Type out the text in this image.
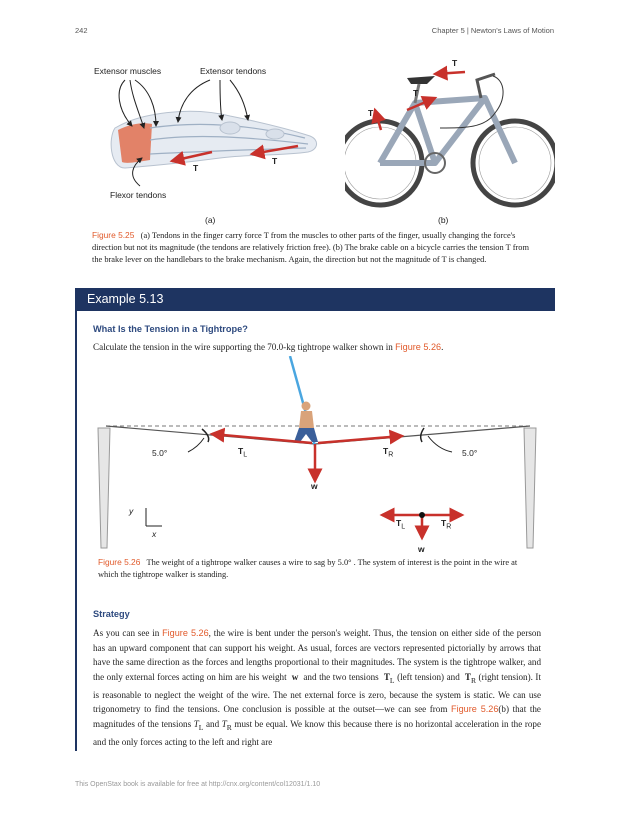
242	Chapter 5 | Newton's Laws of Motion
Extensor muscles	Extensor tendons
Flexor tendons
T
T
(a)
T
T
T
(b)
Figure 5.25 (a) Tendons in the finger carry force T from the muscles to other parts of the finger, usually changing the force's direction but not its magnitude (the tendons are relatively friction free). (b) The brake cable on a bicycle carries the tension T from the brake lever on the handlebars to the brake mechanism. Again, the direction but not the magnitude of T is changed.
Example 5.13
What Is the Tension in a Tightrope?
Calculate the tension in the wire supporting the 70.0-kg tightrope walker shown in Figure 5.26.
5.0°	5.0°
$T_L$	$T_R$
w
y
x
$T_L$	$T_R$
w
Figure 5.26 The weight of a tightrope walker causes a wire to sag by 5.0° . The system of interest is the point in the wire at which the tightrope walker is standing.
Strategy
As you can see in Figure 5.26, the wire is bent under the person's weight. Thus, the tension on either side of the person has an upward component that can support his weight. As usual, forces are vectors represented pictorially by arrows that have the same direction as the forces and lengths proportional to their magnitudes. The system is the tightrope walker, and the only external forces acting on him are his weight w and the two tensions $T_L$ (left tension) and $T_R$ (right tension). It is reasonable to neglect the weight of the wire. The net external force is zero, because the system is static. We can use trigonometry to find the tensions. One conclusion is possible at the outset—we can see from Figure 5.26(b) that the magnitudes of the tensions $T_L$ and $T_R$ must be equal. We know this because there is no horizontal acceleration in the rope and the only forces acting to the left and right are
This OpenStax book is available for free at http://cnx.org/content/col12031/1.10
